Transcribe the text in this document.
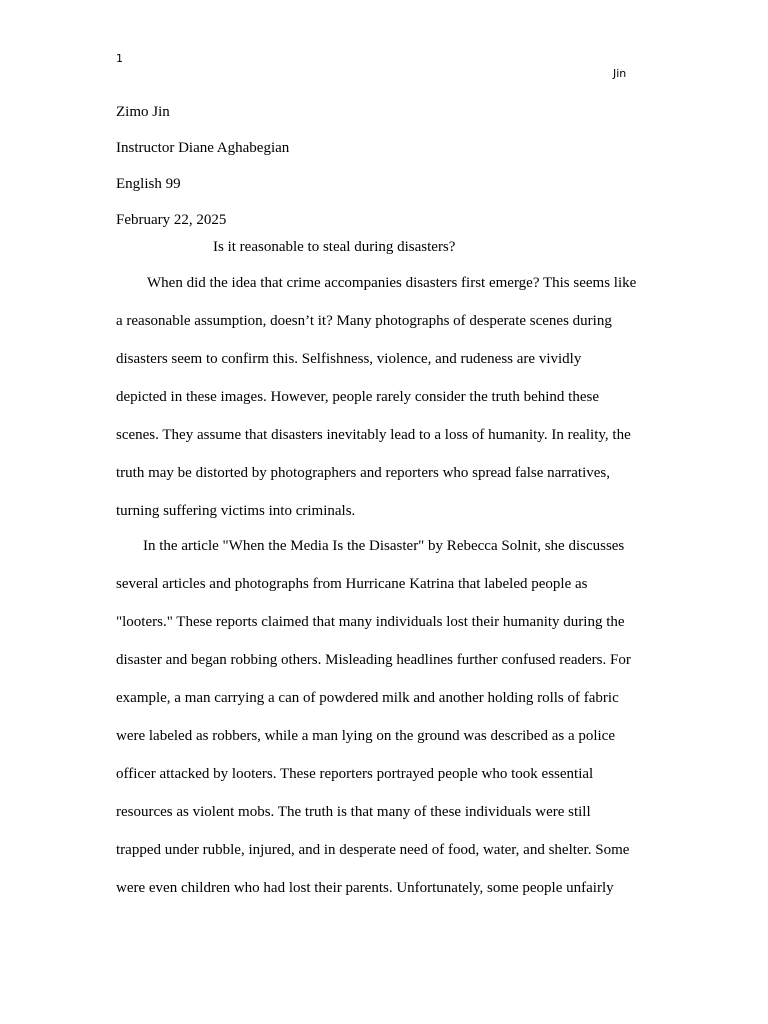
1
Jin
Zimo Jin
Instructor Diane Aghabegian
English 99
February 22, 2025
Is it reasonable to steal during disasters?
When did the idea that crime accompanies disasters first emerge? This seems like
a reasonable assumption, doesn’t it? Many photographs of desperate scenes during
disasters seem to confirm this. Selfishness, violence, and rudeness are vividly
depicted in these images. However, people rarely consider the truth behind these
scenes. They assume that disasters inevitably lead to a loss of humanity. In reality, the
truth may be distorted by photographers and reporters who spread false narratives,
turning suffering victims into criminals.
In the article "When the Media Is the Disaster" by Rebecca Solnit, she discusses
several articles and photographs from Hurricane Katrina that labeled people as
"looters." These reports claimed that many individuals lost their humanity during the
disaster and began robbing others. Misleading headlines further confused readers. For
example, a man carrying a can of powdered milk and another holding rolls of fabric
were labeled as robbers, while a man lying on the ground was described as a police
officer attacked by looters. These reporters portrayed people who took essential
resources as violent mobs. The truth is that many of these individuals were still
trapped under rubble, injured, and in desperate need of food, water, and shelter. Some
were even children who had lost their parents. Unfortunately, some people unfairly
